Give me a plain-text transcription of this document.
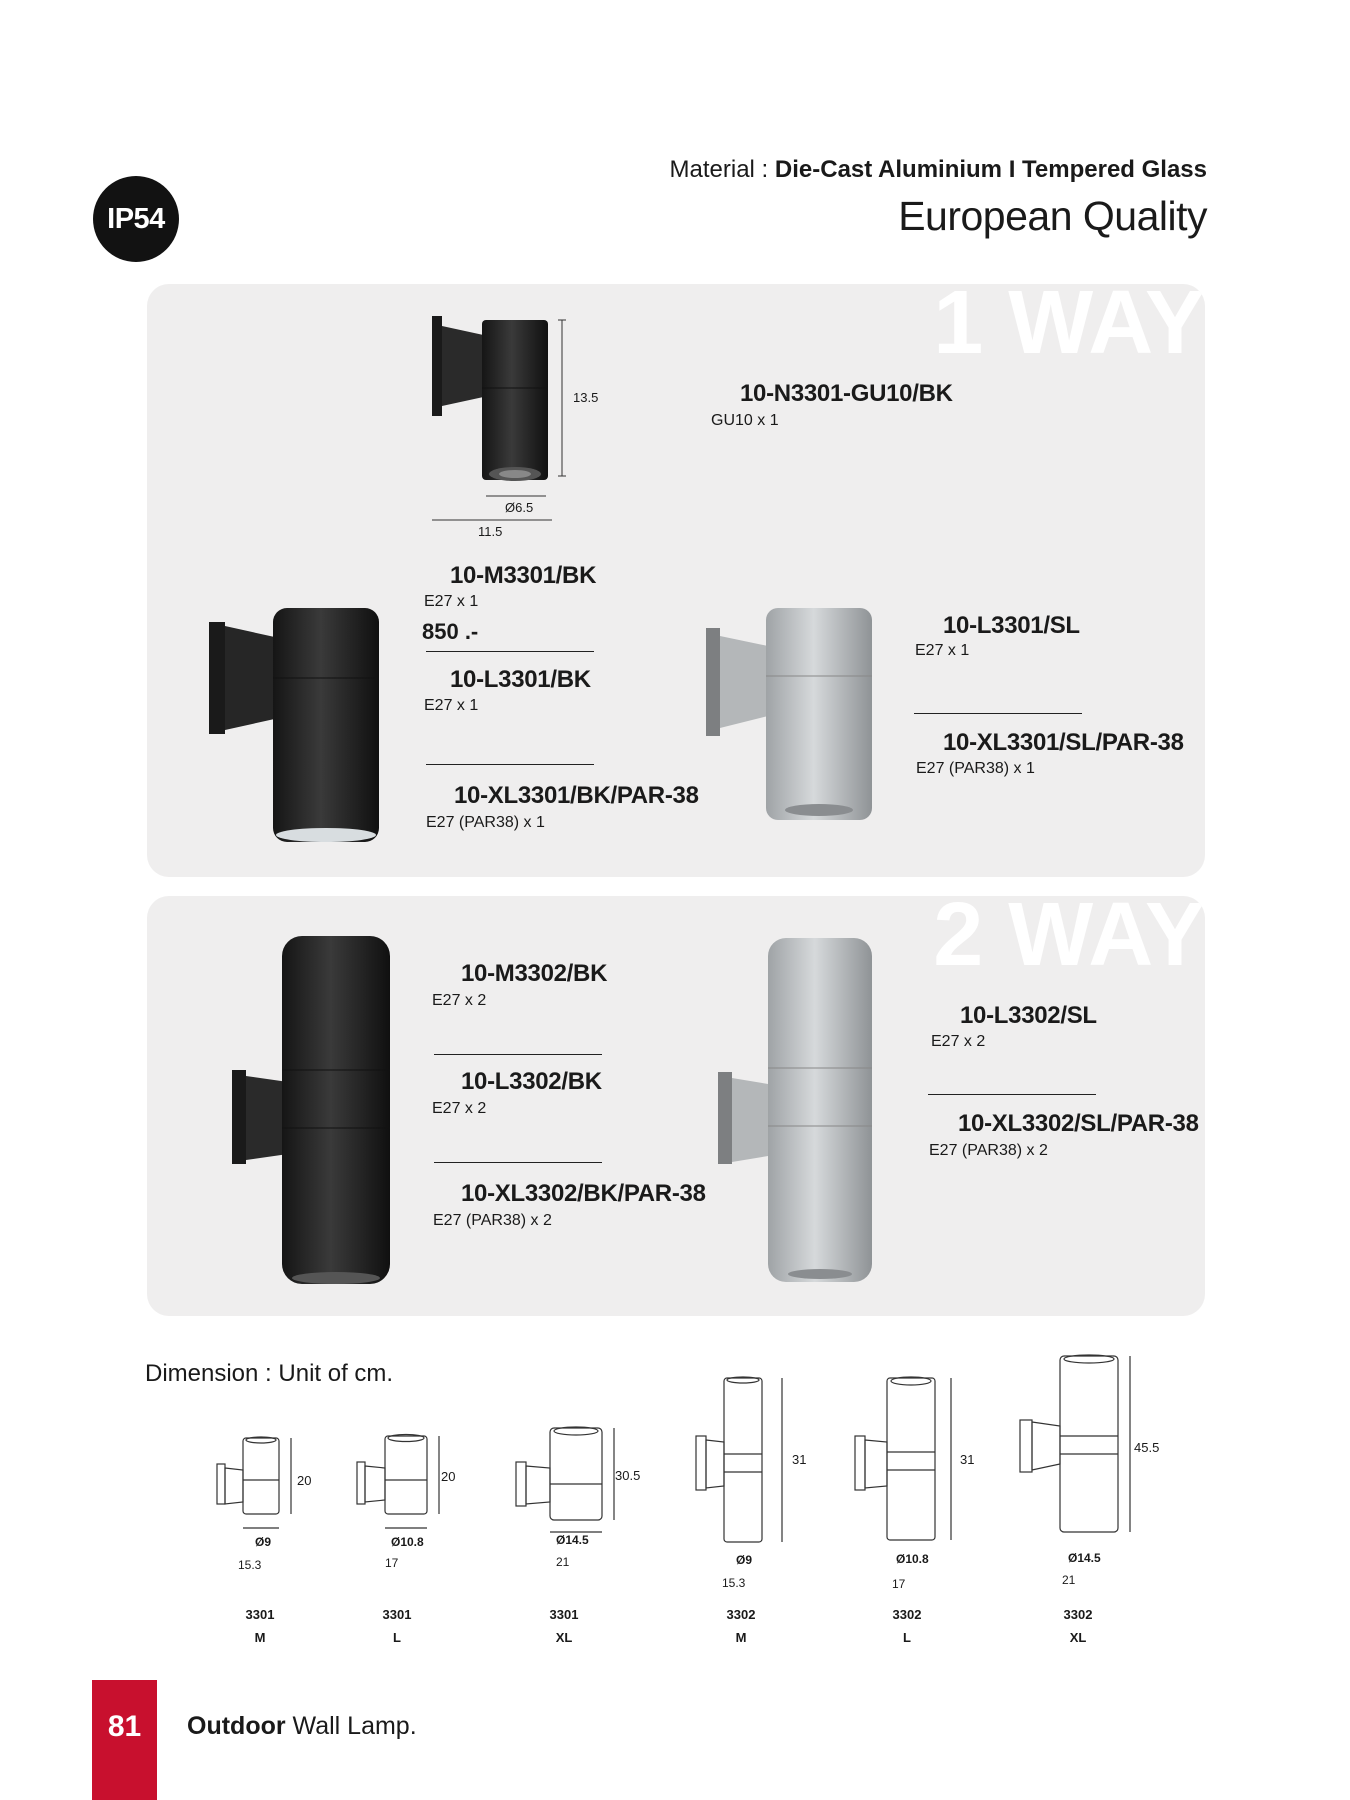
IP54
Material : Die-Cast Aluminium I Tempered Glass
European Quality
1 WAY
13.5
Ø6.5
11.5
10-N3301-GU10/BK
GU10 x 1
10-M3301/BK
E27 x 1
850 .-
10-L3301/BK
E27 x 1
10-XL3301/BK/PAR-38
E27 (PAR38) x 1
10-L3301/SL
E27 x 1
10-XL3301/SL/PAR-38
E27 (PAR38) x 1
2 WAY
10-M3302/BK
E27 x 2
10-L3302/BK
E27 x 2
10-XL3302/BK/PAR-38
E27 (PAR38) x 2
10-L3302/SL
E27 x 2
10-XL3302/SL/PAR-38
E27 (PAR38) x 2
Dimension : Unit of cm.
20
Ø9
15.3
20
Ø10.8
17
30.5
Ø14.5
21
31
Ø9
15.3
31
Ø10.8
17
45.5
Ø14.5
21
3301
M
3301
L
3301
XL
3302
M
3302
L
3302
XL
81	Outdoor Wall Lamp.
